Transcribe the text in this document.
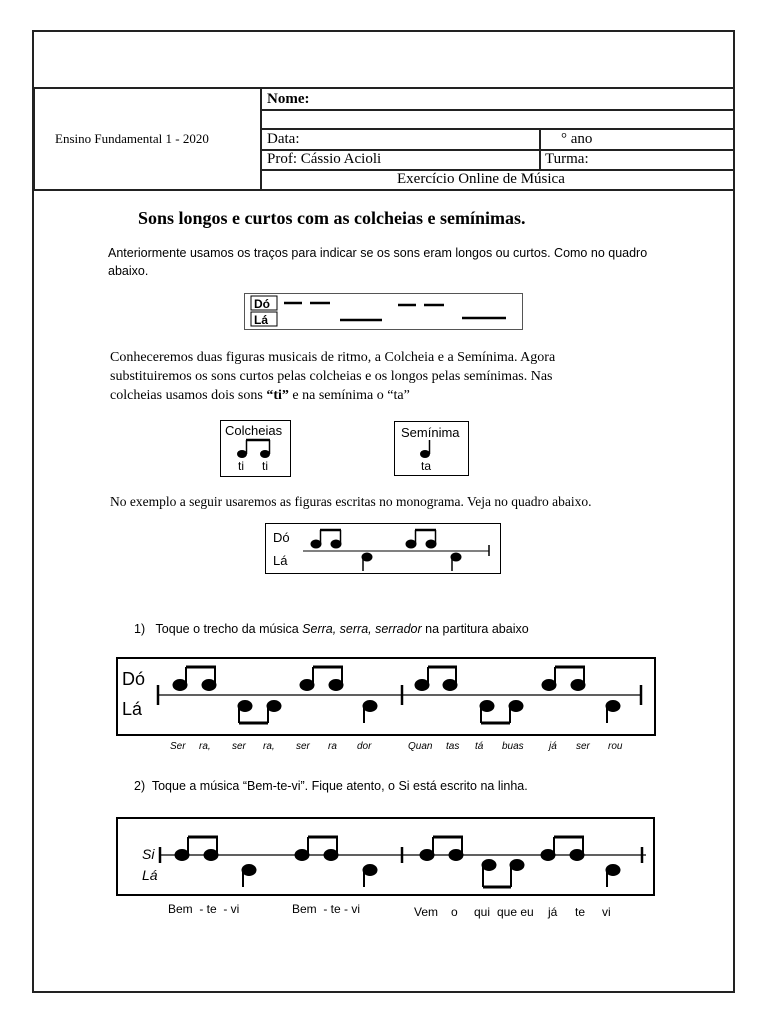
Ensino Fundamental 1 - 2020
Nome:
Data:	° ano
Prof: Cássio Acioli	Turma:
Exercício Online de Música
Sons longos e curtos com as colcheias e semínimas.
Anteriormente usamos os traços para indicar se os sons eram longos ou curtos. Como no quadro
abaixo.
Dó
Lá
Conheceremos duas figuras musicais de ritmo, a Colcheia e a Semínima. Agora
substituiremos os sons curtos pelas colcheias e os longos pelas semínimas. Nas
colcheias usamos dois sons “ti” e na semínima o “ta”
Colcheias
ti ti
Semínima
ta
No exemplo a seguir usaremos as figuras escritas no monograma. Veja no quadro abaixo.
Dó
Lá
1) Toque o trecho da música Serra, serra, serrador na partitura abaixo
Dó
Lá
Ser ra, ser ra, ser ra dor	Quan tas tá buas	já ser rou
2)  Toque a música “Bem-te-vi”. Fique atento, o Si está escrito na linha.
Si
Lá
Bem  - te  - vi	Bem  - te - vi	Vem o qui que eu já te vi
